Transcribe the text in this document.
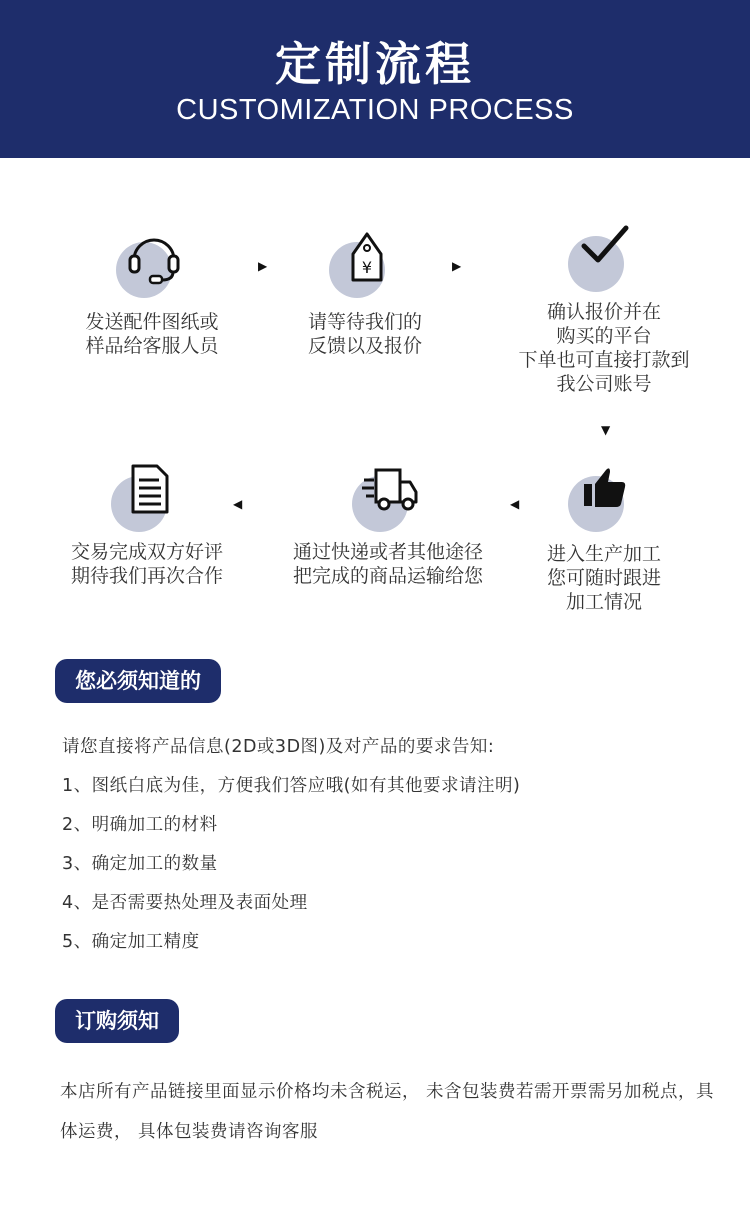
定制流程
CUSTOMIZATION PROCESS
发送配件图纸或
样品给客服人员
▶	¥
请等待我们的
反馈以及报价
▶
确认报价并在
购买的平台
下单也可直接打款到
我公司账号
▼
进入生产加工
您可随时跟进
加工情况
◀
通过快递或者其他途径
把完成的商品运输给您
◀
交易完成双方好评
期待我们再次合作
您必须知道的
请您直接将产品信息(2D或3D图)及对产品的要求告知:
1、图纸白底为佳，方便我们答应哦(如有其他要求请注明)
2、明确加工的材料
3、确定加工的数量
4、是否需要热处理及表面处理
5、确定加工精度
订购须知
本店所有产品链接里面显示价格均未含税运， 未含包装费若需开票需另加税点，具体运费， 具体包装费请咨询客服
